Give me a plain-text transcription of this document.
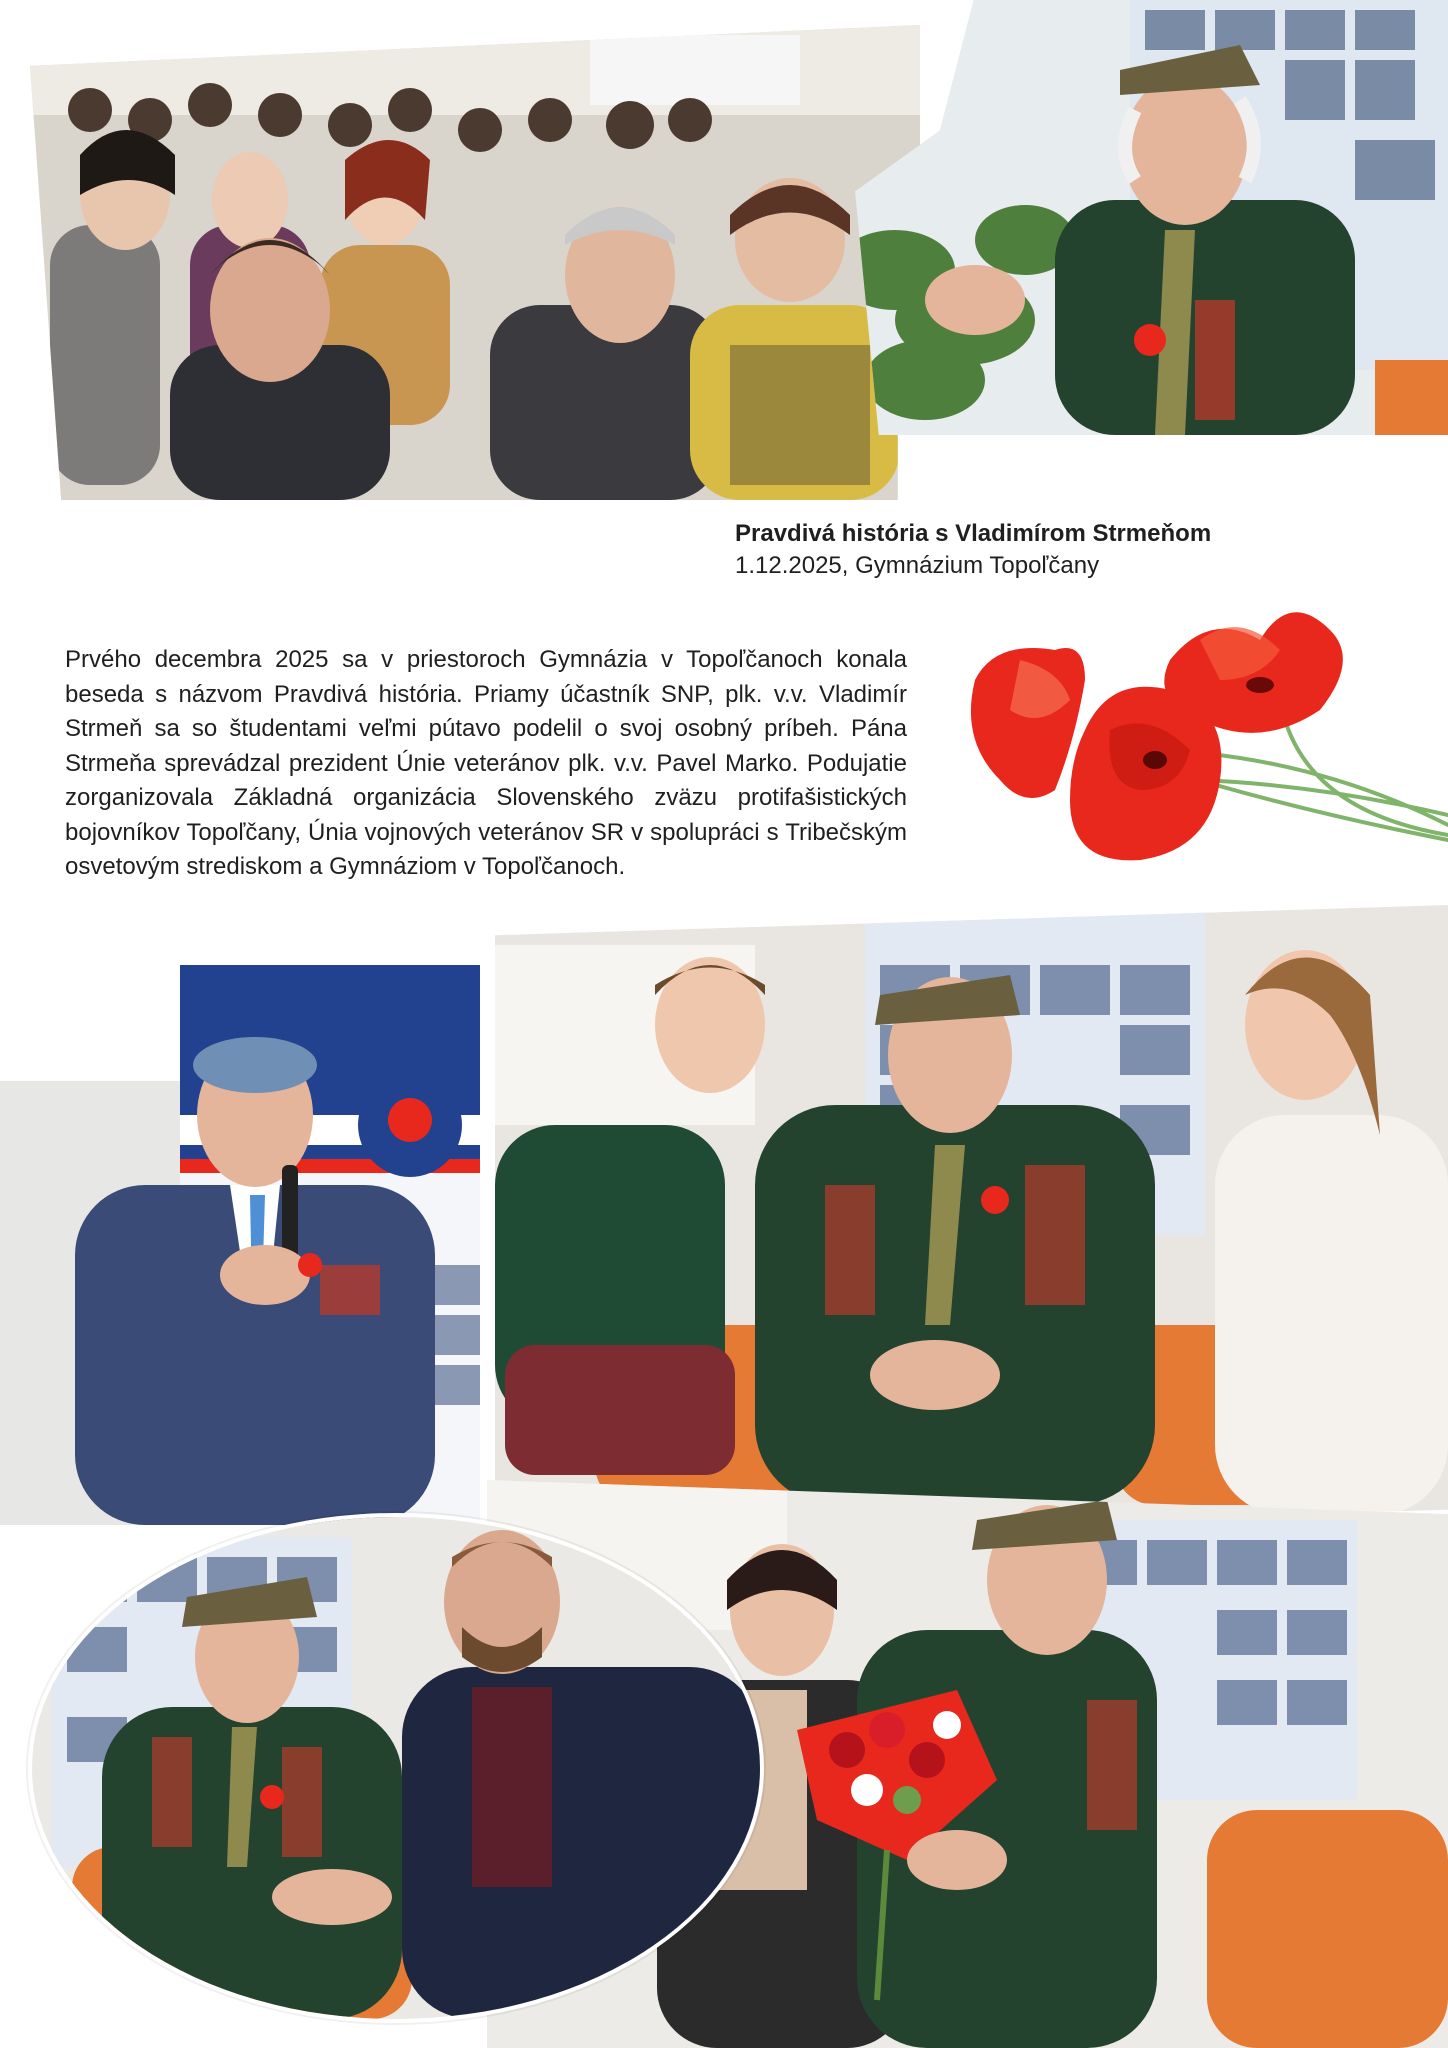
Pravdivá história s Vladimírom Strmeňom
1.12.2025, Gymnázium Topoľčany
Prvého decembra 2025 sa v priestoroch Gymnázia v Topoľčanoch konala beseda s názvom Pravdivá história. Priamy účastník SNP, plk. v.v. Vladimír Strmeň sa so študentami veľmi pútavo podelil o svoj osobný príbeh. Pána Strmeňa sprevádzal prezident Únie veteránov plk. v.v. Pavel Marko. Podujatie zorganizovala Základná organizácia Slovenského zväzu protifašistických bojovníkov Topoľčany, Únia vojnových veteránov SR v spolupráci s Tribečským osvetovým strediskom a Gymnáziom v Topoľčanoch.
38
